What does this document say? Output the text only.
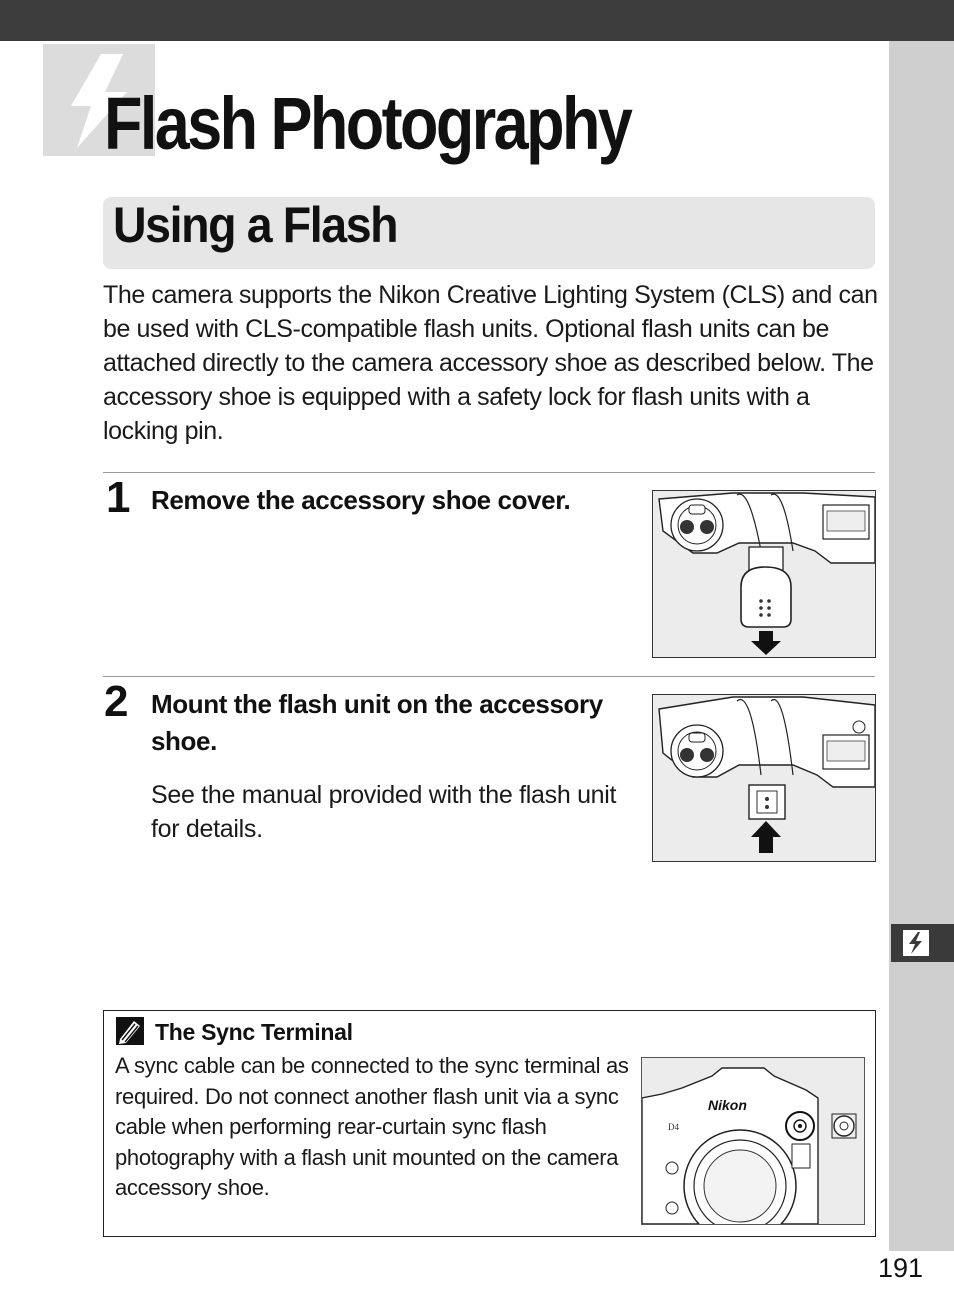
Flash Photography
Using a Flash

The camera supports the Nikon Creative Lighting System (CLS) and can be used with CLS-compatible flash units. Optional flash units can be attached directly to the camera accessory shoe as described below. The accessory shoe is equipped with a safety lock for flash units with a locking pin.

1 Remove the accessory shoe cover.
2 Mount the flash unit on the accessory shoe.

See the manual provided with the flash unit for details.

The Sync Terminal

A sync cable can be connected to the sync terminal as required. Do not connect another flash unit via a sync cable when performing rear-curtain sync flash photography with a flash unit mounted on the camera accessory shoe.

Nikon
D4
191
